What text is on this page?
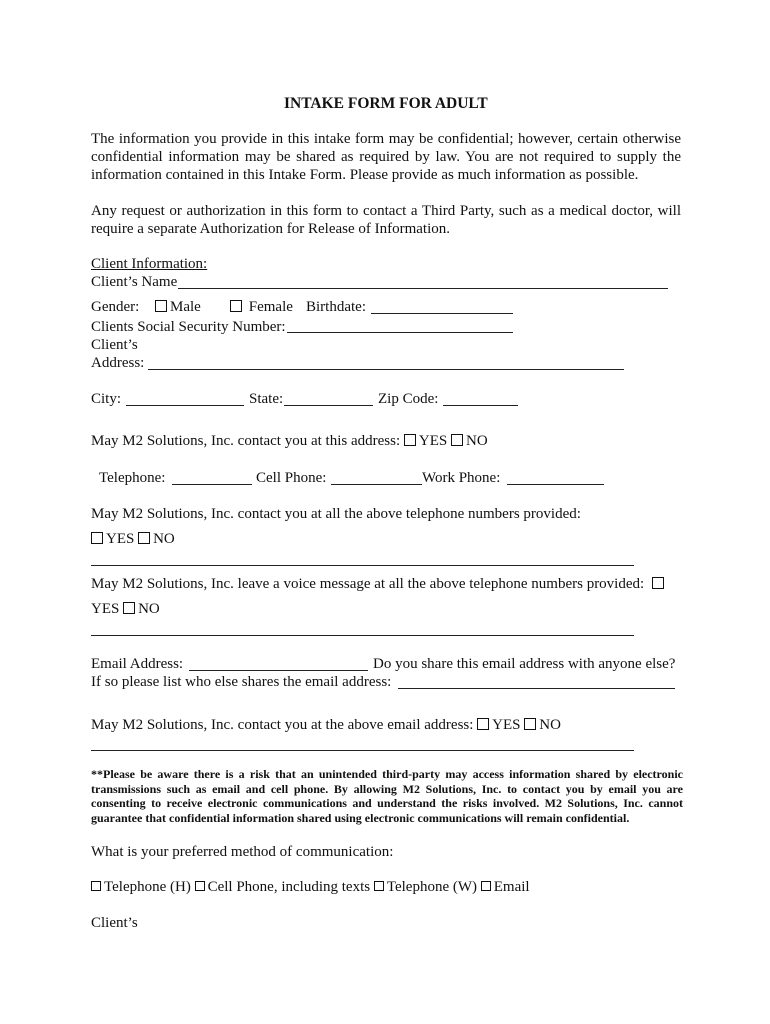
INTAKE FORM FOR ADULT
The information you provide in this intake form may be confidential; however, certain otherwise confidential information may be shared as required by law. You are not required to supply the information contained in this Intake Form. Please provide as much information as possible.
Any request or authorization in this form to contact a Third Party, such as a medical doctor, will require a separate Authorization for Release of Information.
Client Information:
Client’s Name
Gender:	Male	Female Birthdate:
Clients Social Security Number:
Client’s
Address:
City:	State:	Zip Code:
May M2 Solutions, Inc. contact you at this address: YES NO
Telephone:	Cell Phone:	Work Phone:
May M2 Solutions, Inc. contact you at all the above telephone numbers provided:
YES NO
May M2 Solutions, Inc. leave a voice message at all the above telephone numbers provided:
YES NO
Email Address:	Do you share this email address with anyone else?
If so please list who else shares the email address:
May M2 Solutions, Inc. contact you at the above email address: YES NO
**Please be aware there is a risk that an unintended third-party may access information shared by electronic transmissions such as email and cell phone. By allowing M2 Solutions, Inc. to contact you by email you are consenting to receive electronic communications and understand the risks involved. M2 Solutions, Inc. cannot guarantee that confidential information shared using electronic communications will remain confidential.
What is your preferred method of communication:
Telephone (H) Cell Phone, including texts Telephone (W) Email
Client’s
